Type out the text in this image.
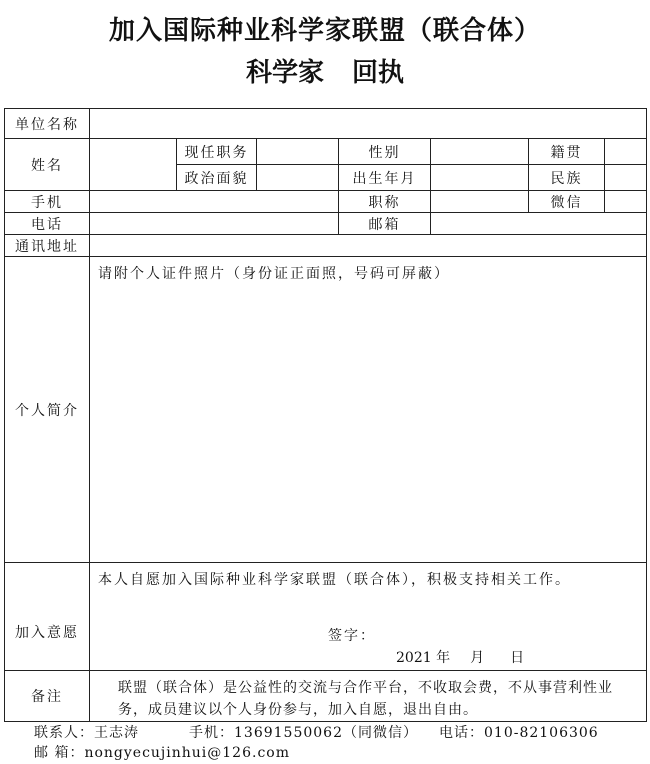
加入国际种业科学家联盟（联合体）
科学家 回执
单位名称							
姓名		现任职务		性别		籍贯	
		政治面貌		出生年月		民族	
手机				职称		微信	
电话				邮箱			
通讯地址							
个人简介	请附个人证件照片（身份证正面照，号码可屏蔽）						
加入意愿	本人自愿加入国际种业科学家联盟（联合体），积极支持相关工作。
签字：
2021 年 月 日						

备注	联盟（联合体）是公益性的交流与合作平台，不收取会费，不从事营利性业务，成员建议以个人身份参与，加入自愿，退出自由。						
联系人：王志涛	手机：13691550062（同微信） 电话：010-82106306
邮 箱：nongyecujinhui@126.com
